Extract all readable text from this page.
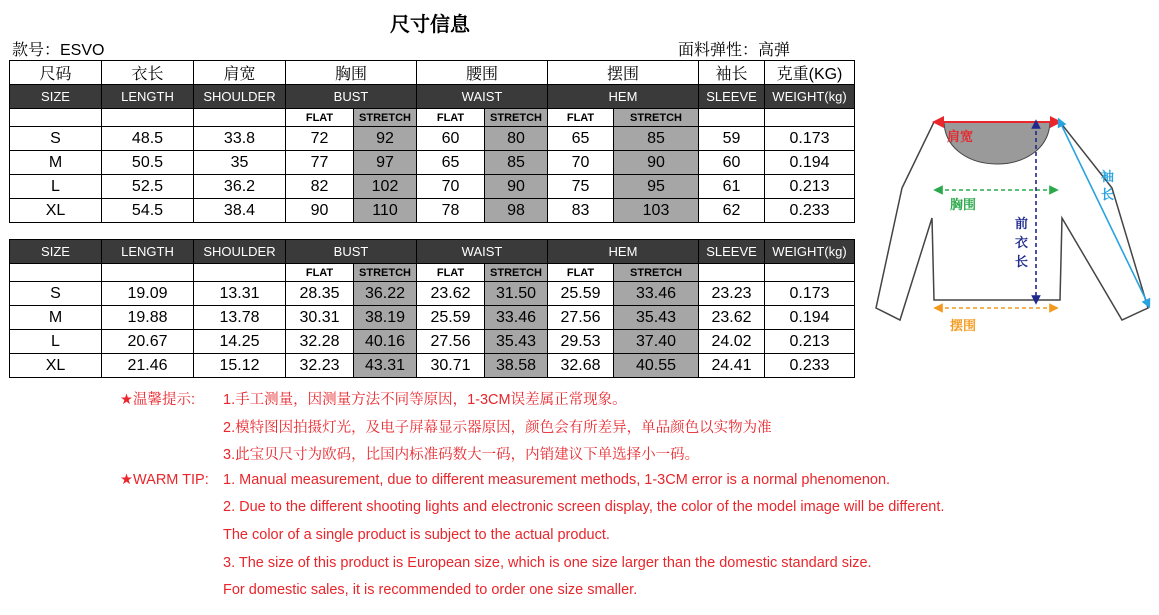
尺寸信息
款号：ESVO	面料弹性：高弹
尺码	衣长	肩宽	胸围		腰围		摆围		袖长	克重(KG)
SIZE	LENGTH	SHOULDER	BUST		WAIST		HEM		SLEEVE	WEIGHT(kg)
			FLAT	STRETCH	FLAT	STRETCH	FLAT	STRETCH		
S	48.5	33.8	72	92	60	80	65	85	59	0.173
M	50.5	35	77	97	65	85	70	90	60	0.194
L	52.5	36.2	82	102	70	90	75	95	61	0.213
XL	54.5	38.4	90	110	78	98	83	103	62	0.233
SIZE	LENGTH	SHOULDER	BUST		WAIST		HEM		SLEEVE	WEIGHT(kg)
			FLAT	STRETCH	FLAT	STRETCH	FLAT	STRETCH		
S	19.09	13.31	28.35	36.22	23.62	31.50	25.59	33.46	23.23	0.173
M	19.88	13.78	30.31	38.19	25.59	33.46	27.56	35.43	23.62	0.194
L	20.67	14.25	32.28	40.16	27.56	35.43	29.53	37.40	24.02	0.213
XL	21.46	15.12	32.23	43.31	30.71	38.58	32.68	40.55	24.41	0.233
★温馨提示: 1.手工测量，因测量方法不同等原因，1-3CM误差属正常现象。
2.模特图因拍摄灯光，及电子屏幕显示器原因，颜色会有所差异，单品颜色以实物为准
3.此宝贝尺寸为欧码，比国内标准码数大一码，内销建议下单选择小一码。
★WARM TIP: 1. Manual measurement, due to different measurement methods, 1-3CM error is a normal phenomenon.
2. Due to the different shooting lights and electronic screen display, the color of the model image will be different.
The color of a single product is subject to the actual product.
3. The size of this product is European size, which is one size larger than the domestic standard size.
For domestic sales, it is recommended to order one size smaller.
肩宽
胸围
前
衣
长
袖
长
摆围
